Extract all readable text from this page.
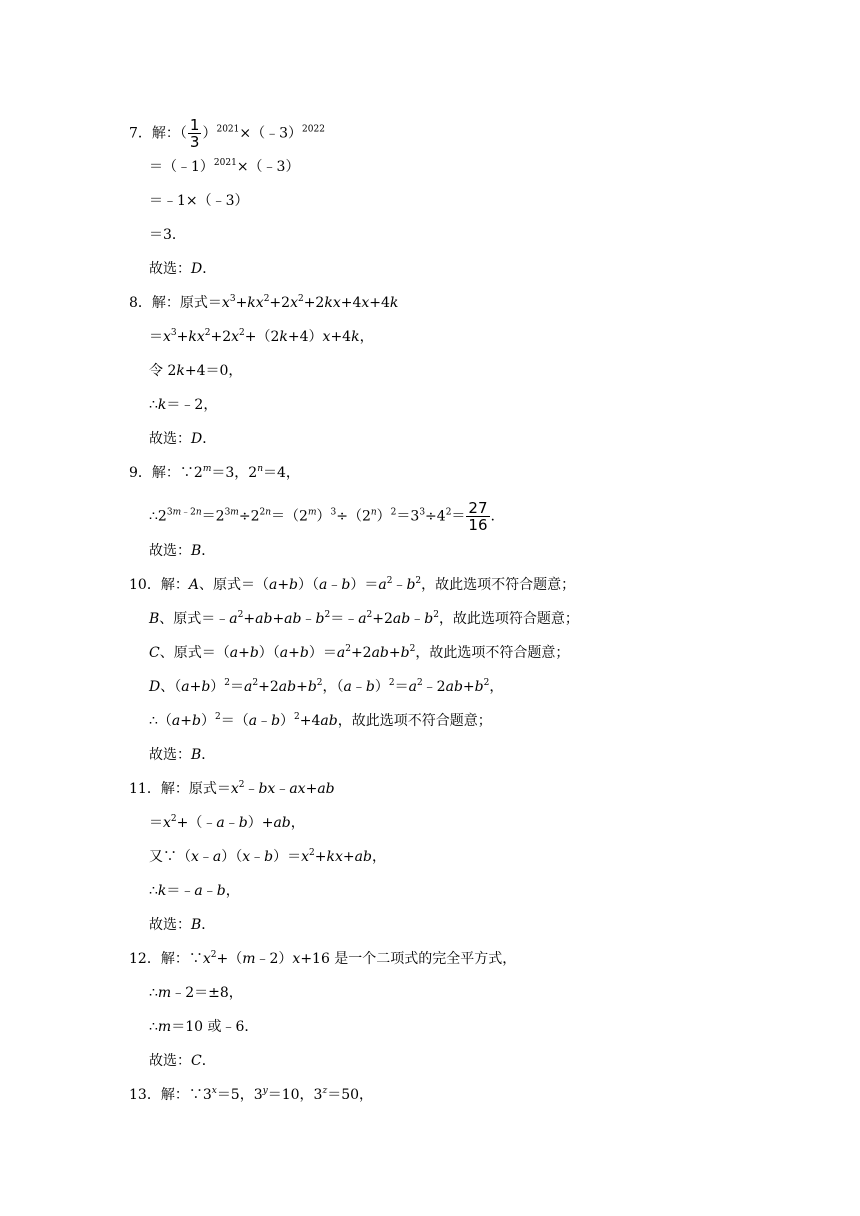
7．解：（ $\frac{1}{3}$ ）$^{2021}$×（﹣3）$^{2022}$
＝（﹣1）$^{2021}$×（﹣3）
＝﹣1×（﹣3）
＝3．
故选：D．
8．解：原式$=x^3+kx^2+2x^2+2kx+4x+4k$
$=x^3+kx^2+2x^2+(2k+4)x+4k$，
令 2k+4＝0，
∴k＝﹣2，
故选：D．
9．解：$\because 2^m=3$，$2^n=4$，
$\therefore 2^{3m﹣2n}=2^{3m}\div 2^{2n}=(2^m)^3\div(2^n)^2=3^3\div 4^2= \frac{27}{16}$ .
故选：B．
10．解：A、原式$=(a+b)(a﹣b)=a^2﹣b^2$，故此选项不符合题意；
B、原式$=﹣a^2+ab+ab﹣b^2=﹣a^2+2ab﹣b^2$，故此选项符合题意；
C、原式$=(a+b)(a+b)=a^2+2ab+b^2$，故此选项不符合题意；
D、$(a+b)^2=a^2+2ab+b^2$，$(a﹣b)^2=a^2﹣2ab+b^2$，
$\therefore(a+b)^2=(a﹣b)^2+4ab$，故此选项不符合题意；
故选：B．
11．解：原式$=x^2﹣bx﹣ax+ab$
$=x^2+(﹣a﹣b)+ab$，
又$\because(x﹣a)(x﹣b)=x^2+kx+ab$，
∴k＝﹣a﹣b，
故选：B．
12．解：$\because x^2+(m﹣2)x+16$ 是一个二项式的完全平方式，
∴m﹣2＝±8，
∴m＝10 或﹣6．
故选：C．
13．解：$\because 3^x=5$，$3^y=10$，$3^z=50$，
